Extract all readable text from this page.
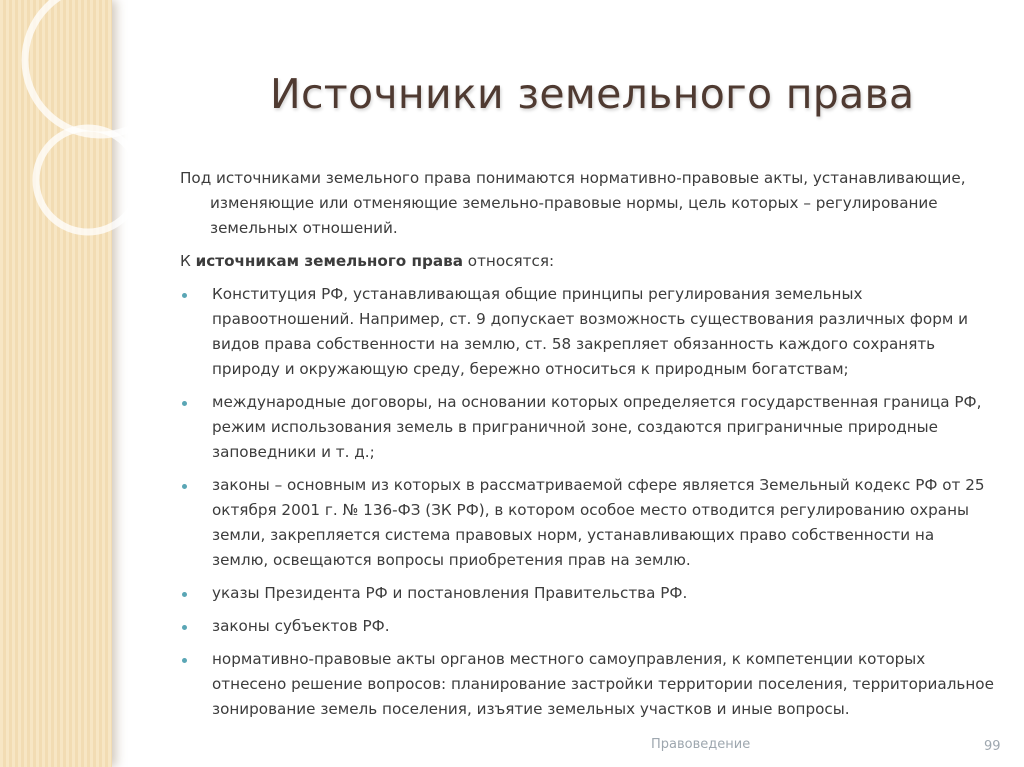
Источники земельного права

Под источниками земельного права понимаются нормативно-правовые акты, устанавливающие, изменяющие или отменяющие земельно-правовые нормы, цель которых – регулирование земельных отношений.

К источникам земельного права относятся:

Конституция РФ, устанавливающая общие принципы регулирования земельных правоотношений. Например, ст. 9 допускает возможность существования различных форм и видов права собственности на землю, ст. 58 закрепляет обязанность каждого сохранять природу и окружающую среду, бережно относиться к природным богатствам;
международные договоры, на основании которых определяется государственная граница РФ, режим использования земель в приграничной зоне, создаются приграничные природные заповедники и т. д.;
законы – основным из которых в рассматриваемой сфере является Земельный кодекс РФ от 25 октября 2001 г. № 136-ФЗ (ЗК РФ), в котором особое место отводится регулированию охраны земли, закрепляется система правовых норм, устанавливающих право собственности на землю, освещаются вопросы приобретения прав на землю.
указы Президента РФ и постановления Правительства РФ.
законы субъектов РФ.
нормативно-правовые акты органов местного самоуправления, к компетенции которых отнесено решение вопросов: планирование застройки территории поселения, территориальное зонирование земель поселения, изъятие земельных участков и иные вопросы.
Правоведение	99
